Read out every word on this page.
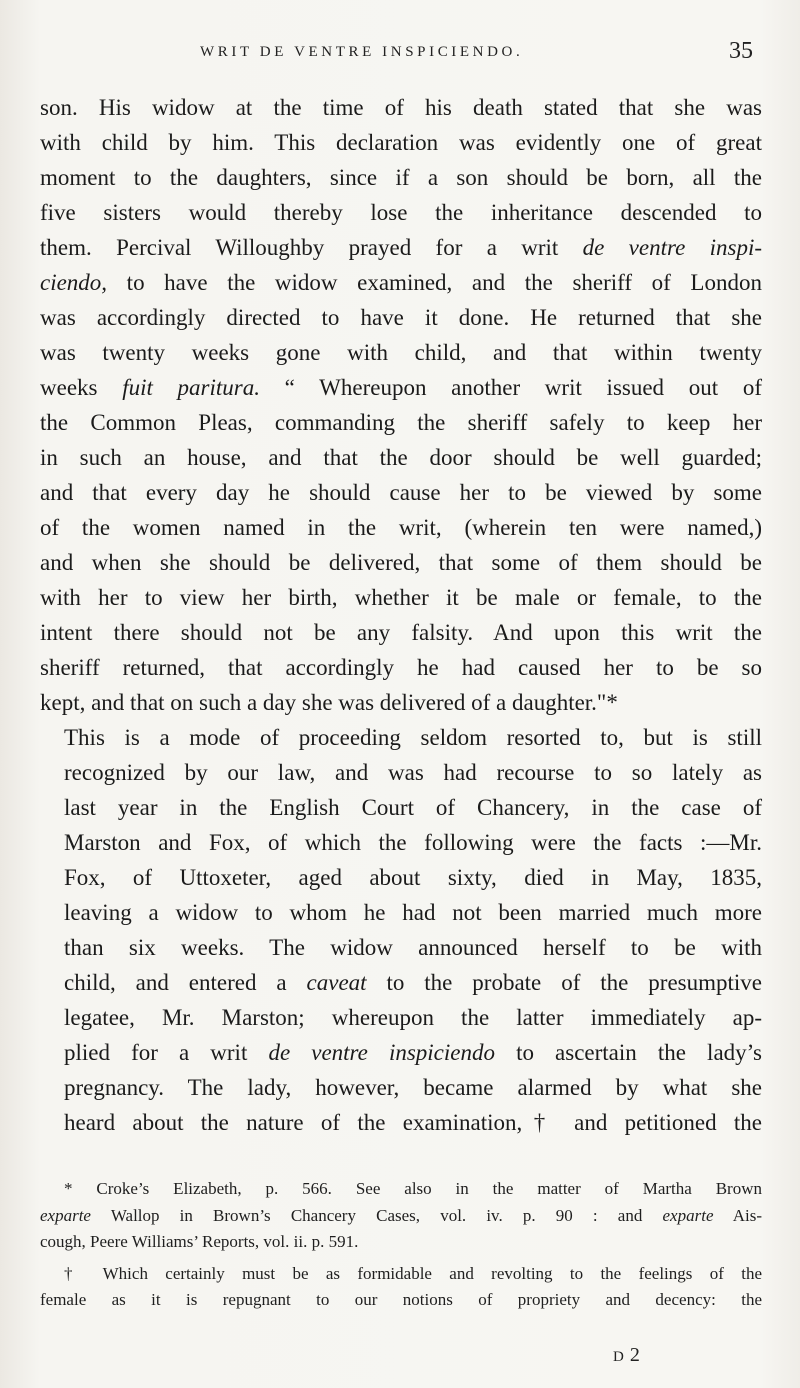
WRIT DE VENTRE INSPICIENDO.	35

son. His widow at the time of his death stated that she was
with child by him. This declaration was evidently one of great
moment to the daughters, since if a son should be born, all the
five sisters would thereby lose the inheritance descended to
them. Percival Willoughby prayed for a writ de ventre inspi-
ciendo, to have the widow examined, and the sheriff of London
was accordingly directed to have it done. He returned that she
was twenty weeks gone with child, and that within twenty
weeks fuit paritura. “ Whereupon another writ issued out of
the Common Pleas, commanding the sheriff safely to keep her
in such an house, and that the door should be well guarded;
and that every day he should cause her to be viewed by some
of the women named in the writ, (wherein ten were named,)
and when she should be delivered, that some of them should be
with her to view her birth, whether it be male or female, to the
intent there should not be any falsity. And upon this writ the
sheriff returned, that accordingly he had caused her to be so
kept, and that on such a day she was delivered of a daughter."*

This is a mode of proceeding seldom resorted to, but is still
recognized by our law, and was had recourse to so lately as
last year in the English Court of Chancery, in the case of
Marston and Fox, of which the following were the facts :—Mr.
Fox, of Uttoxeter, aged about sixty, died in May, 1835,
leaving a widow to whom he had not been married much more
than six weeks. The widow announced herself to be with
child, and entered a caveat to the probate of the presumptive
legatee, Mr. Marston; whereupon the latter immediately ap-
plied for a writ de ventre inspiciendo to ascertain the lady’s
pregnancy. The lady, however, became alarmed by what she
heard about the nature of the examination,† and petitioned the

* Croke’s Elizabeth, p. 566. See also in the matter of Martha Brown
exparte Wallop in Brown’s Chancery Cases, vol. iv. p. 90 : and exparte Ais-
cough, Peere Williams’ Reports, vol. ii. p. 591.
† Which certainly must be as formidable and revolting to the feelings of the
female as it is repugnant to our notions of propriety and decency: the
D 2
